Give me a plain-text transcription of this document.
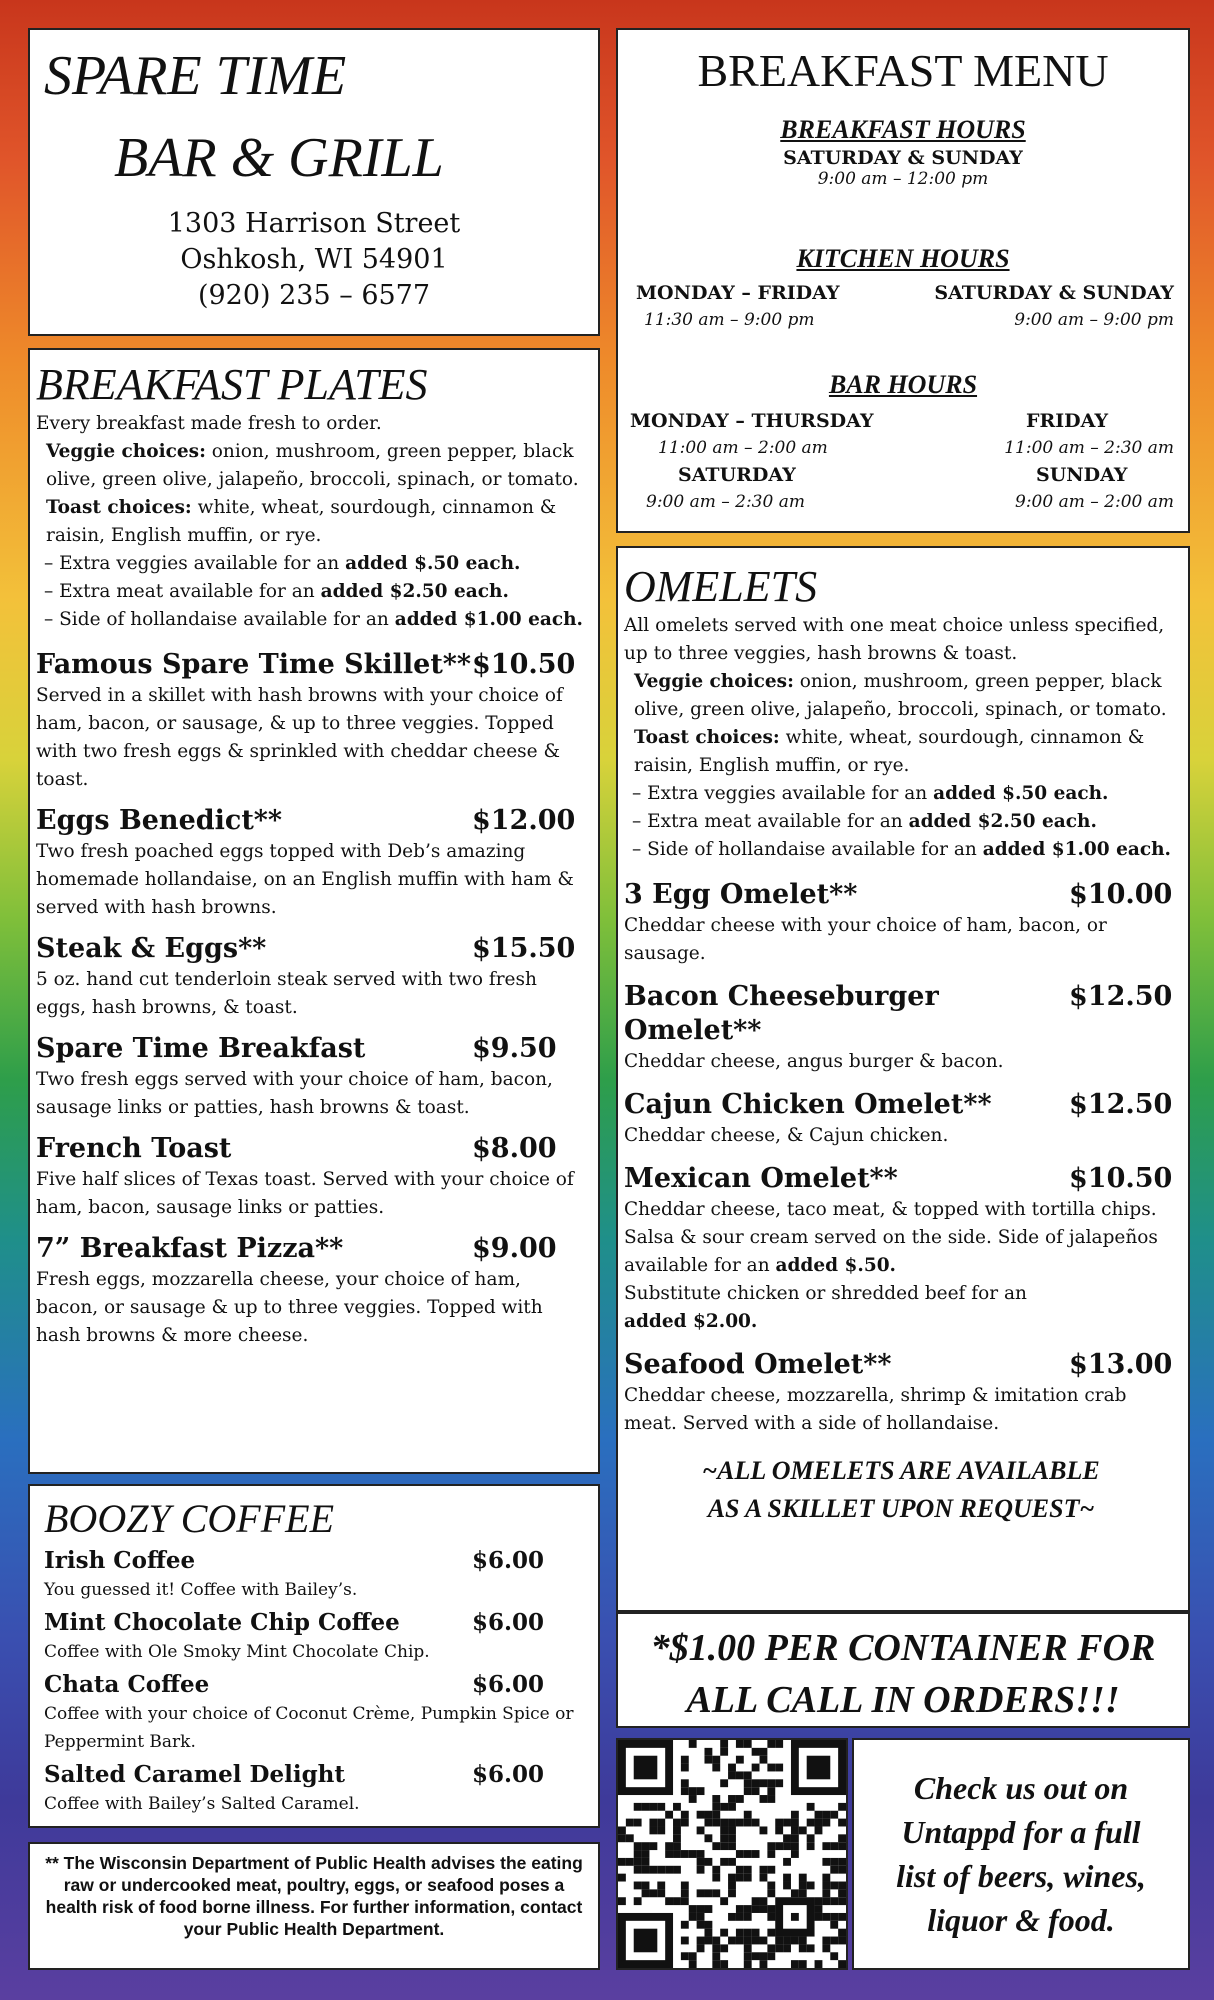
SPARE TIME
BAR & GRILL
1303 Harrison Street
Oshkosh, WI 54901
(920) 235 – 6577
BREAKFAST MENU
BREAKFAST HOURS
SATURDAY & SUNDAY
9:00 am – 12:00 pm
KITCHEN HOURS
MONDAY – FRIDAY
11:30 am – 9:00 pm
SATURDAY & SUNDAY
9:00 am – 9:00 pm
BAR HOURS
MONDAY – THURSDAY
11:00 am – 2:00 am
FRIDAY
11:00 am – 2:30 am
SATURDAY
9:00 am – 2:30 am
SUNDAY
9:00 am – 2:00 am
BREAKFAST PLATES
Every breakfast made fresh to order.
Veggie choices: onion, mushroom, green pepper, black olive, green olive, jalapeño, broccoli, spinach, or tomato.
Toast choices: white, wheat, sourdough, cinnamon & raisin, English muffin, or rye.
– Extra veggies available for an added $.50 each.
– Extra meat available for an added $2.50 each.
– Side of hollandaise available for an added $1.00 each.
Famous Spare Time Skillet** $10.50
Served in a skillet with hash browns with your choice of ham, bacon, or sausage, & up to three veggies. Topped with two fresh eggs & sprinkled with cheddar cheese & toast.
Eggs Benedict**	$12.00
Two fresh poached eggs topped with Deb’s amazing homemade hollandaise, on an English muffin with ham & served with hash browns.
Steak & Eggs**	$15.50
5 oz. hand cut tenderloin steak served with two fresh eggs, hash browns, & toast.
Spare Time Breakfast	$9.50
Two fresh eggs served with your choice of ham, bacon, sausage links or patties, hash browns & toast.
French Toast	$8.00
Five half slices of Texas toast. Served with your choice of ham, bacon, sausage links or patties.
7” Breakfast Pizza**	$9.00
Fresh eggs, mozzarella cheese, your choice of ham, bacon, or sausage & up to three veggies. Topped with hash browns & more cheese.
BOOZY COFFEE
Irish Coffee	$6.00
You guessed it! Coffee with Bailey’s.
Mint Chocolate Chip Coffee	$6.00
Coffee with Ole Smoky Mint Chocolate Chip.
Chata Coffee	$6.00
Coffee with your choice of Coconut Crème, Pumpkin Spice or Peppermint Bark.
Salted Caramel Delight	$6.00
Coffee with Bailey’s Salted Caramel.
** The Wisconsin Department of Public Health advises the eating raw or undercooked meat, poultry, eggs, or seafood poses a health risk of food borne illness. For further information, contact your Public Health Department.
OMELETS
All omelets served with one meat choice unless specified, up to three veggies, hash browns & toast.
Veggie choices: onion, mushroom, green pepper, black olive, green olive, jalapeño, broccoli, spinach, or tomato.
Toast choices: white, wheat, sourdough, cinnamon & raisin, English muffin, or rye.
– Extra veggies available for an added $.50 each.
– Extra meat available for an added $2.50 each.
– Side of hollandaise available for an added $1.00 each.
3 Egg Omelet**	$10.00
Cheddar cheese with your choice of ham, bacon, or sausage.
Bacon Cheeseburger Omelet**
$12.50
Cheddar cheese, angus burger & bacon.
Cajun Chicken Omelet**	$12.50
Cheddar cheese, & Cajun chicken.
Mexican Omelet**	$10.50
Cheddar cheese, taco meat, & topped with tortilla chips. Salsa & sour cream served on the side. Side of jalapeños available for an added $.50.
Substitute chicken or shredded beef for an
added $2.00.
Seafood Omelet**	$13.00
Cheddar cheese, mozzarella, shrimp & imitation crab meat. Served with a side of hollandaise.
~ALL OMELETS ARE AVAILABLE
AS A SKILLET UPON REQUEST~
*$1.00 PER CONTAINER FOR
ALL CALL IN ORDERS!!!
Check us out on
Untappd for a full
list of beers, wines,
liquor & food.
